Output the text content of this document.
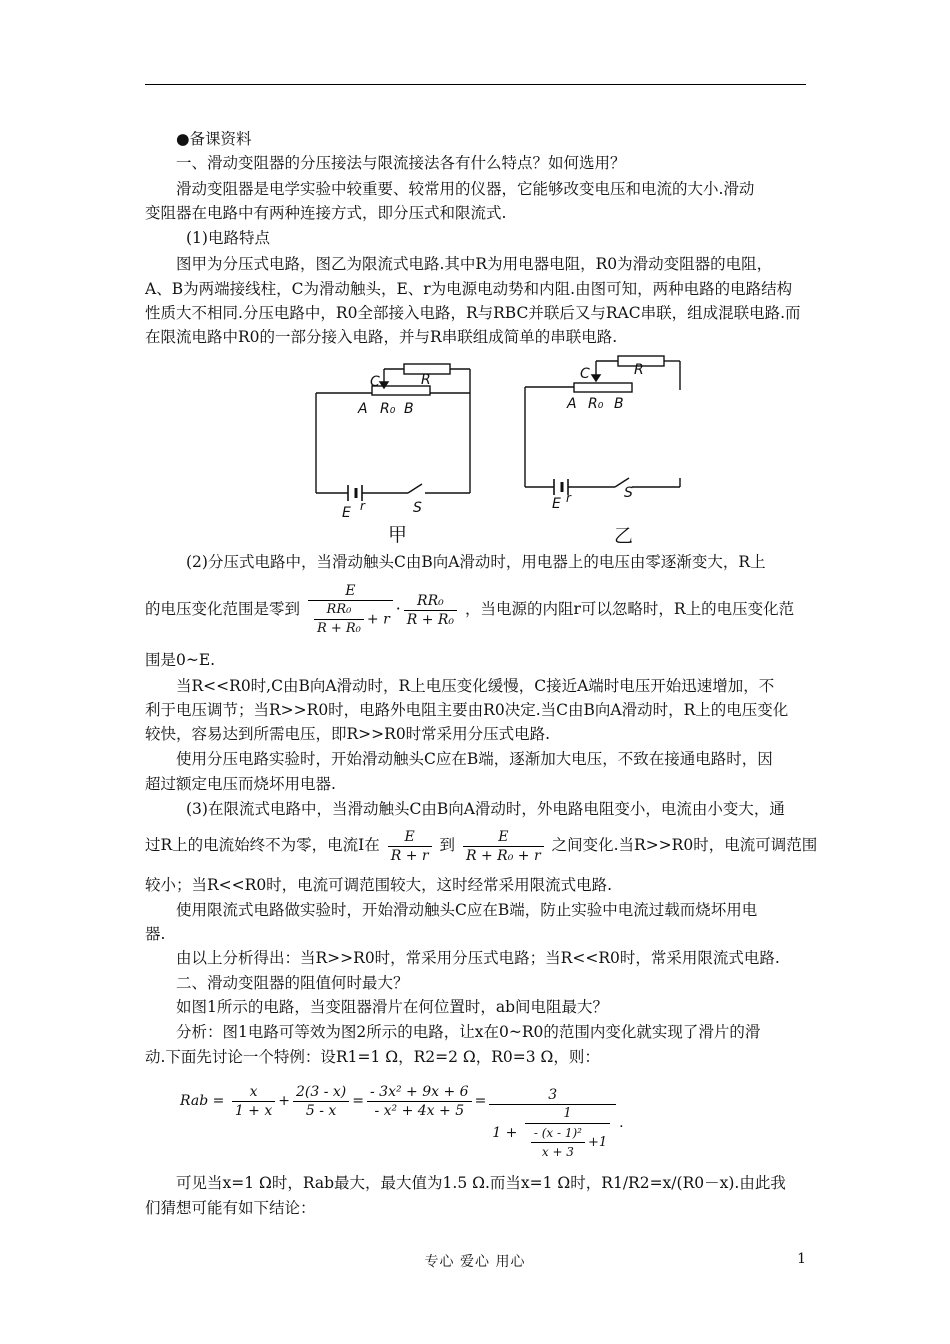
●备课资料
一、滑动变阻器的分压接法与限流接法各有什么特点？如何选用？
滑动变阻器是电学实验中较重要、较常用的仪器，它能够改变电压和电流的大小.滑动
变阻器在电路中有两种连接方式，即分压式和限流式.
(1)电路特点
图甲为分压式电路，图乙为限流式电路.其中R为用电器电阻，R0为滑动变阻器的电阻，
A、B为两端接线柱，C为滑动触头，E、r为电源电动势和内阻.由图可知，两种电路的电路结构
性质大不相同.分压电路中，R0全部接入电路，R与RBC并联后又与RAC串联，组成混联电路.而
在限流电路中R0的一部分接入电路，并与R串联组成简单的串联电路.
C	R
A R₀ B
E r	S
C	R
A R₀ B
E r	S
甲	乙
(2)分压式电路中，当滑动触头C由B向A滑动时，用电器上的电压由零逐渐变大，R上
的电压变化范围是零到 $\frac{E}{\frac{\text{RR₀}}{\text{R + R₀}} + r} \cdot \frac{\text{RR₀}}{\text{R + R₀}}$ ，当电源的内阻r可以忽略时，R上的电压变化范
围是0~E.
当R<<R0时,C由B向A滑动时，R上电压变化缓慢，C接近A端时电压开始迅速增加，不
利于电压调节；当R>>R0时，电路外电阻主要由R0决定.当C由B向A滑动时，R上的电压变化
较快，容易达到所需电压，即R>>R0时常采用分压式电路.
使用分压电路实验时，开始滑动触头C应在B端，逐渐加大电压，不致在接通电路时，因
超过额定电压而烧坏用电器.
(3)在限流式电路中，当滑动触头C由B向A滑动时，外电路电阻变小，电流由小变大，通
过R上的电流始终不为零，电流I在 $\frac{E}{R + r}$ 到 $\frac{E}{\text{R + R₀ + r}}$ 之间变化.当R>>R0时，电流可调范围
较小；当R<<R0时，电流可调范围较大，这时经常采用限流式电路.
使用限流式电路做实验时，开始滑动触头C应在B端，防止实验中电流过载而烧坏用电
器.
由以上分析得出：当R>>R0时，常采用分压式电路；当R<<R0时，常采用限流式电路.
二、滑动变阻器的阻值何时最大？
如图1所示的电路，当变阻器滑片在何位置时，ab间电阻最大？
分析：图1电路可等效为图2所示的电路，让x在0~R0的范围内变化就实现了滑片的滑
动.下面先讨论一个特例：设R1=1 Ω，R2=2 Ω，R0=3 Ω，则：
Rab = $\frac{x}{1 + x} + \frac{2(3 - x)}{5 - x} = \frac{\text{- 3x² + 9x + 6}}{\text{- x² + 4x + 5}}$ =	3
$1 + \frac{1}{\frac{\text{- (x - 1)²}}{x + 3} +1}$ .
可见当x=1 Ω时，Rab最大，最大值为1.5 Ω.而当x=1 Ω时，R1/R2=x/(R0－x).由此我
们猜想可能有如下结论：
专心 爱心 用心	1
